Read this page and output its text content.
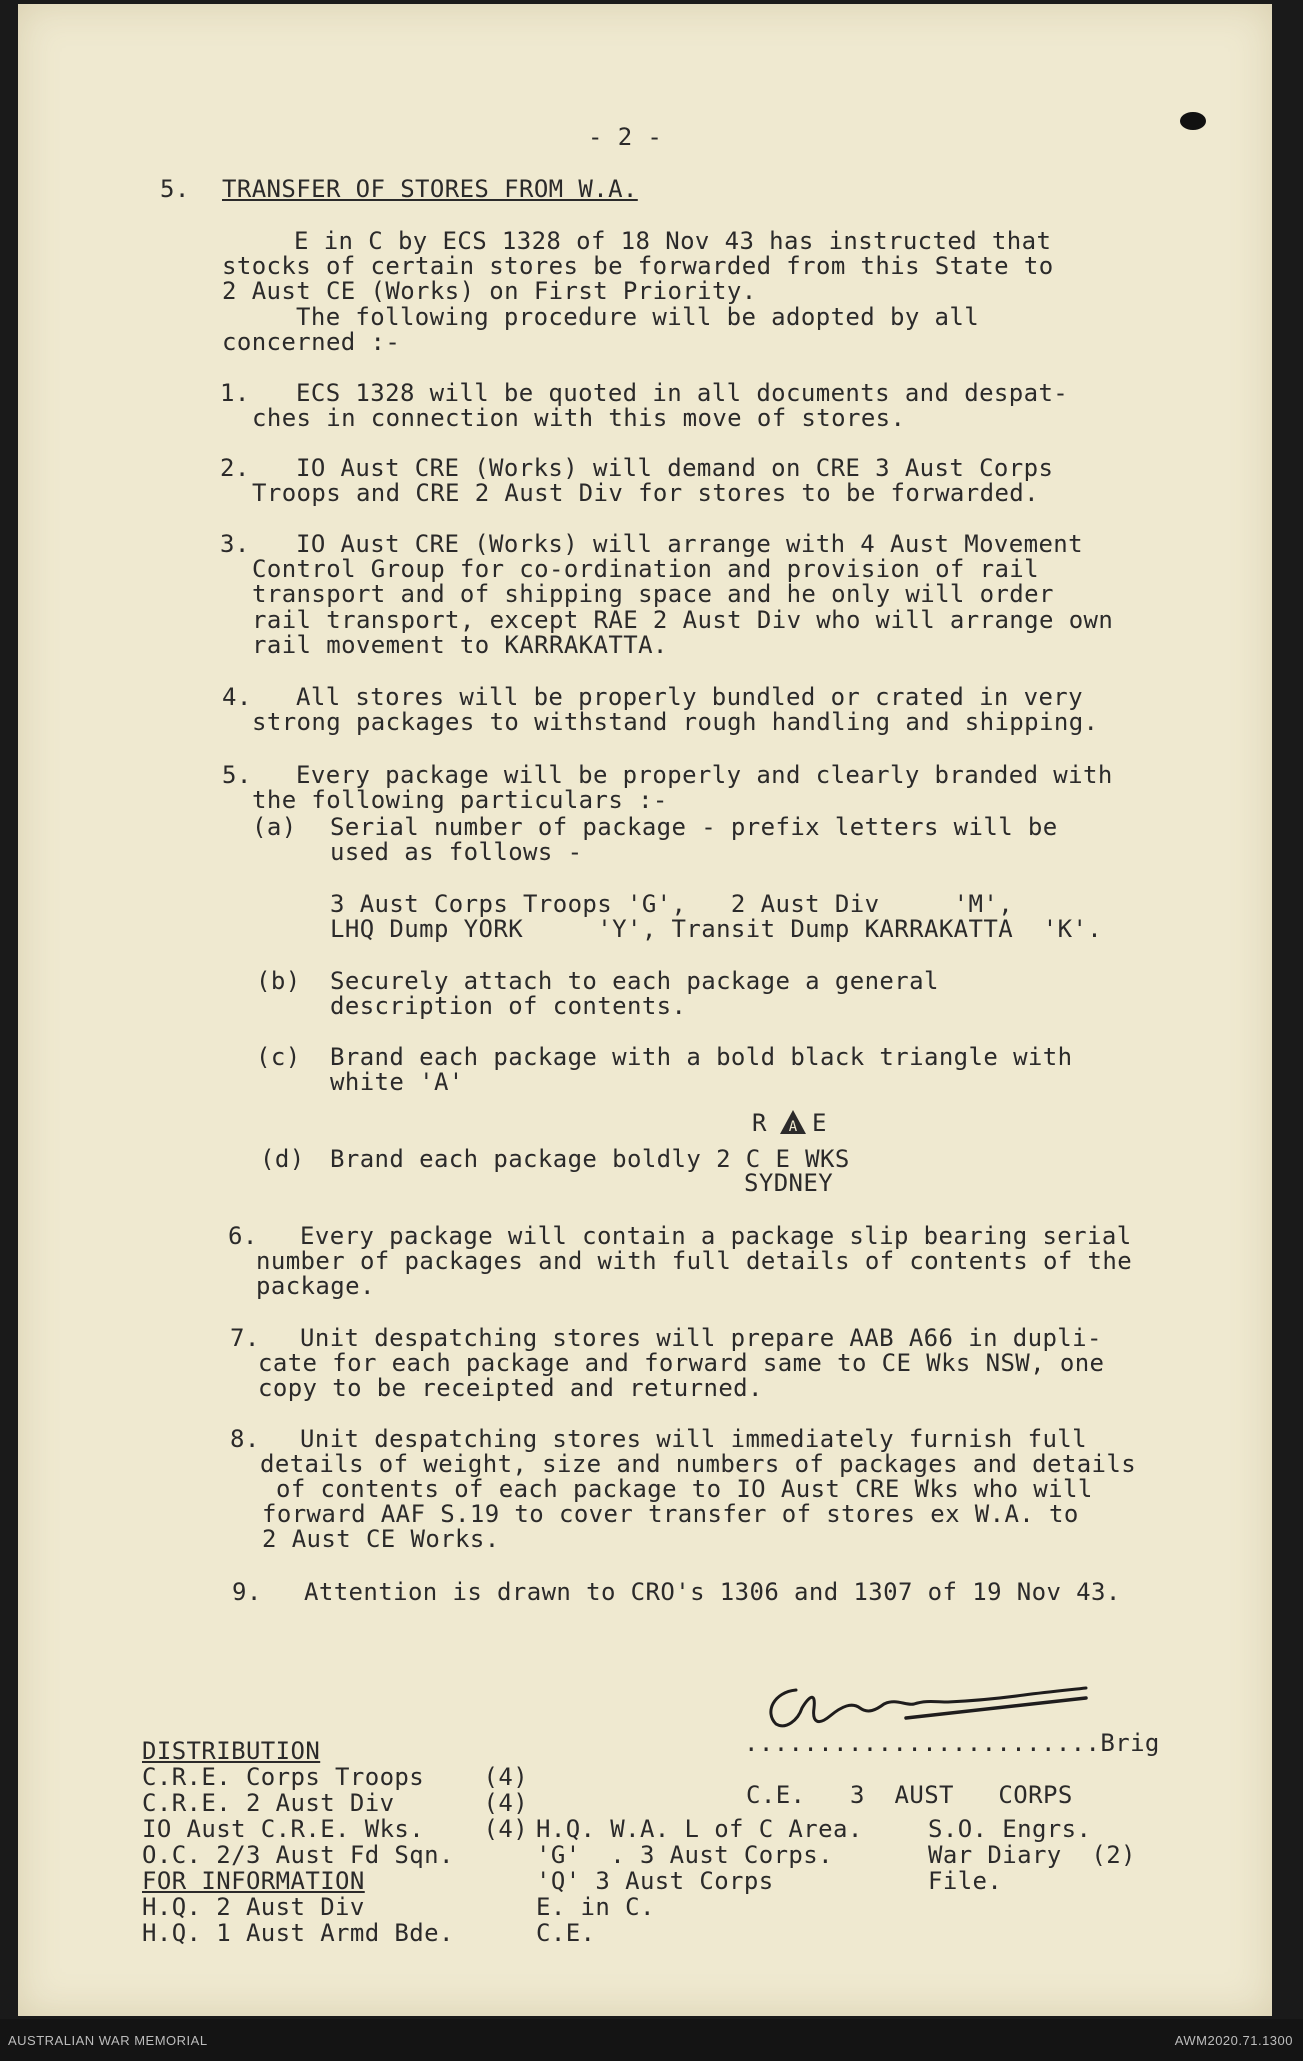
- 2 -
5. TRANSFER OF STORES FROM W.A.
E in C by ECS 1328 of 18 Nov 43 has instructed that
stocks of certain stores be forwarded from this State to
2 Aust CE (Works) on First Priority.
The following procedure will be adopted by all
concerned :-
1. ECS 1328 will be quoted in all documents and despat-
ches in connection with this move of stores.
2. IO Aust CRE (Works) will demand on CRE 3 Aust Corps
Troops and CRE 2 Aust Div for stores to be forwarded.
3. IO Aust CRE (Works) will arrange with 4 Aust Movement
Control Group for co-ordination and provision of rail
transport and of shipping space and he only will order
rail transport, except RAE 2 Aust Div who will arrange own
rail movement to KARRAKATTA.
4. All stores will be properly bundled or crated in very
strong packages to withstand rough handling and shipping.
5. Every package will be properly and clearly branded with
the following particulars :-
(a) Serial number of package - prefix letters will be
used as follows -
3 Aust Corps Troops 'G',   2 Aust Div     'M',
LHQ Dump YORK     'Y', Transit Dump KARRAKATTA  'K'.
(b) Securely attach to each package a general
description of contents.
(c) Brand each package with a bold black triangle with
white 'A'
R A E
(d) Brand each package boldly 2 C E WKS
SYDNEY
6. Every package will contain a package slip bearing serial
number of packages and with full details of contents of the
package.
7. Unit despatching stores will prepare AAB A66 in dupli-
cate for each package and forward same to CE Wks NSW, one
copy to be receipted and returned.
8. Unit despatching stores will immediately furnish full
details of weight, size and numbers of packages and details
of contents of each package to IO Aust CRE Wks who will
forward AAF S.19 to cover transfer of stores ex W.A. to
2 Aust CE Works.
9. Attention is drawn to CRO's 1306 and 1307 of 19 Nov 43.
........................Brig
C.E.   3  AUST   CORPS
DISTRIBUTION
C.R.E. Corps Troops    (4)
C.R.E. 2 Aust Div      (4)
IO Aust C.R.E. Wks.    (4)
O.C. 2/3 Aust Fd Sqn.
FOR INFORMATION
H.Q. 2 Aust Div
H.Q. 1 Aust Armd Bde.
H.Q. W.A. L of C Area.
'G'  . 3 Aust Corps.
'Q' 3 Aust Corps
E. in C.
C.E.
S.O. Engrs.
War Diary  (2)
File.
AUSTRALIAN WAR MEMORIAL	AWM2020.71.1300
